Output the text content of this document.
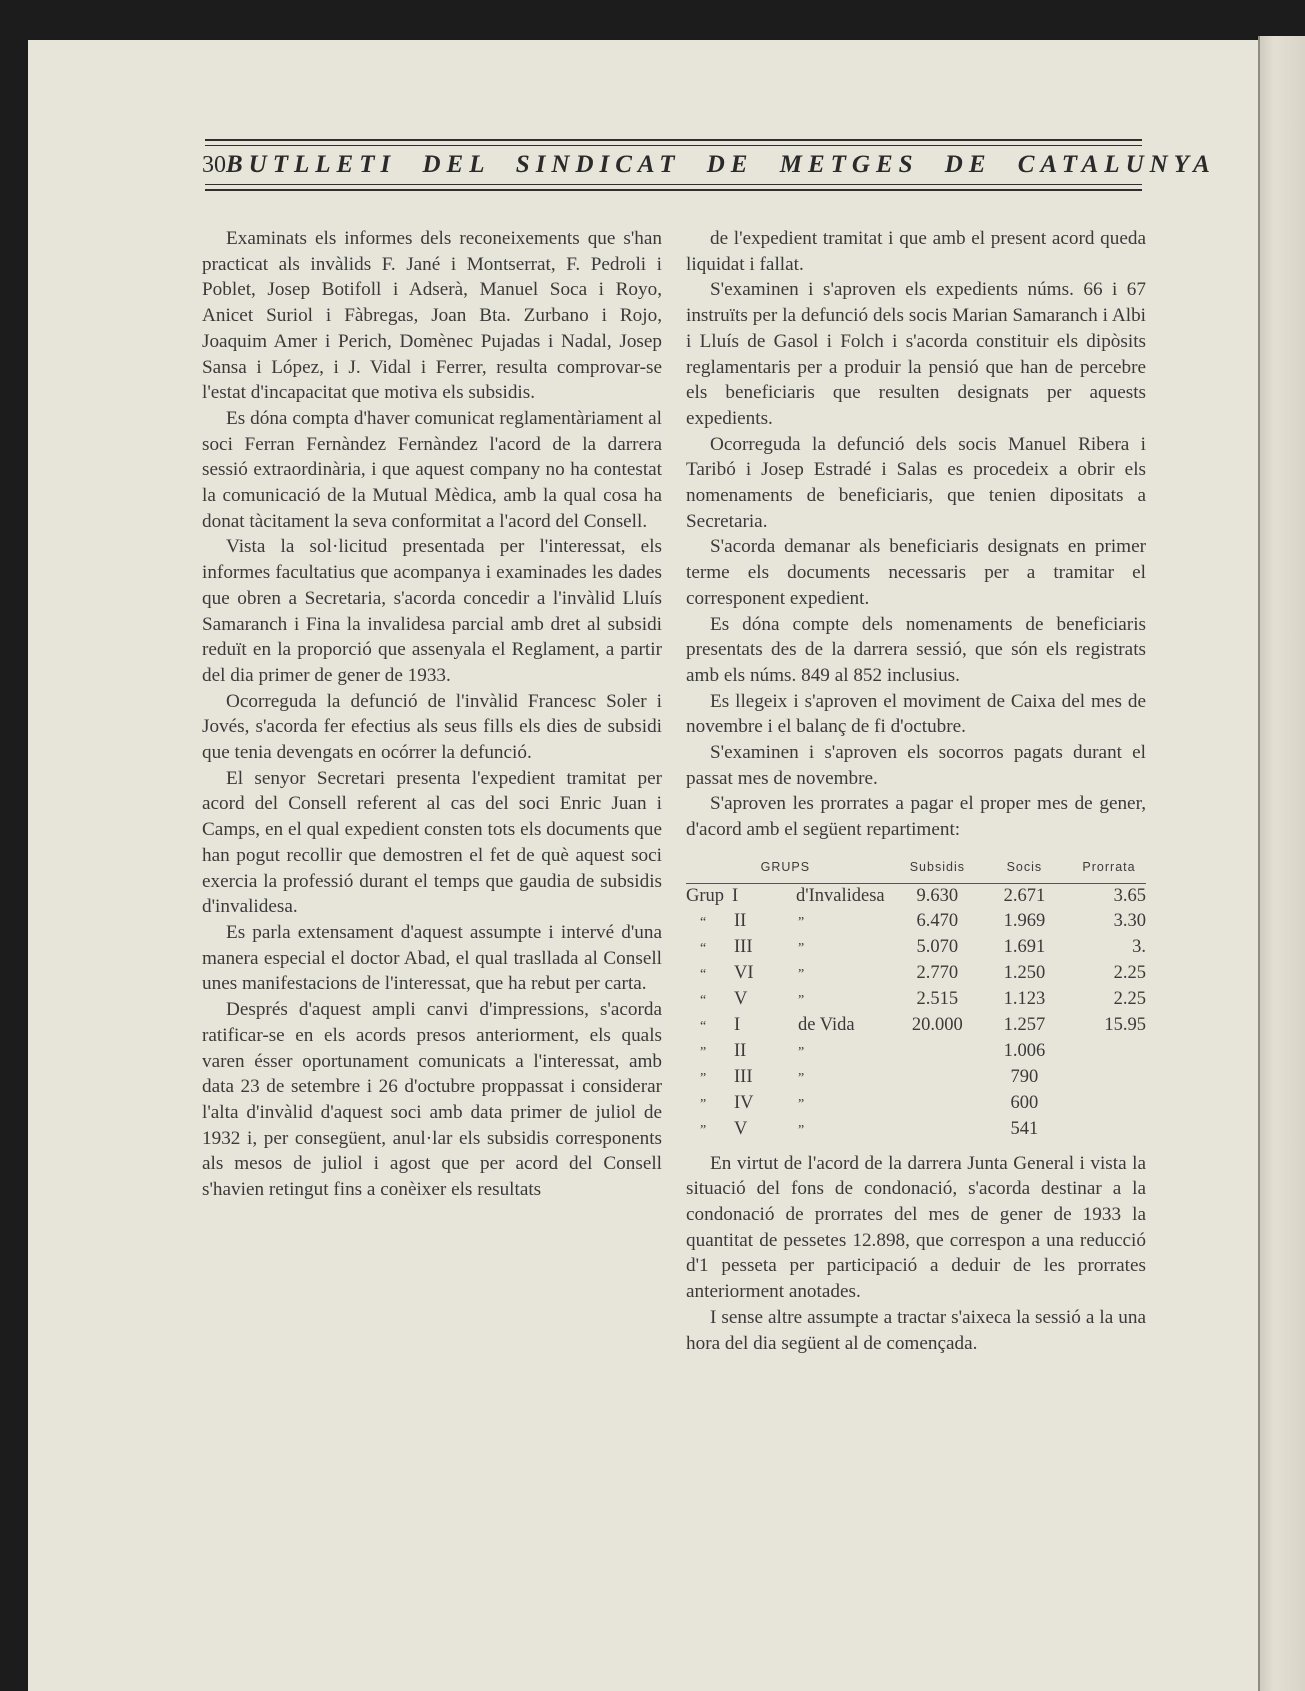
30 BUTLLETI DEL SINDICAT DE METGES DE CATALUNYA

Examinats els informes dels reconeixements que s'han practicat als invàlids F. Jané i Montserrat, F. Pedroli i Poblet, Josep Botifoll i Adserà, Manuel Soca i Royo, Anicet Suriol i Fàbregas, Joan Bta. Zurbano i Rojo, Joaquim Amer i Perich, Domènec Pujadas i Nadal, Josep Sansa i López, i J. Vidal i Ferrer, resulta comprovar-se l'estat d'incapacitat que motiva els subsidis.

Es dóna compta d'haver comunicat reglamentàriament al soci Ferran Fernàndez Fernàndez l'acord de la darrera sessió extraordinària, i que aquest company no ha contestat la comunicació de la Mutual Mèdica, amb la qual cosa ha donat tàcitament la seva conformitat a l'acord del Consell.

Vista la sol·licitud presentada per l'interessat, els informes facultatius que acompanya i examinades les dades que obren a Secretaria, s'acorda concedir a l'invàlid Lluís Samaranch i Fina la invalidesa parcial amb dret al subsidi reduït en la proporció que assenyala el Reglament, a partir del dia primer de gener de 1933.

Ocorreguda la defunció de l'invàlid Francesc Soler i Jovés, s'acorda fer efectius als seus fills els dies de subsidi que tenia devengats en ocórrer la defunció.

El senyor Secretari presenta l'expedient tramitat per acord del Consell referent al cas del soci Enric Juan i Camps, en el qual expedient consten tots els documents que han pogut recollir que demostren el fet de què aquest soci exercia la professió durant el temps que gaudia de subsidis d'invalidesa.

Es parla extensament d'aquest assumpte i intervé d'una manera especial el doctor Abad, el qual trasllada al Consell unes manifestacions de l'interessat, que ha rebut per carta.

Després d'aquest ampli canvi d'impressions, s'acorda ratificar-se en els acords presos anteriorment, els quals varen ésser oportunament comunicats a l'interessat, amb data 23 de setembre i 26 d'octubre proppassat i considerar l'alta d'invàlid d'aquest soci amb data primer de juliol de 1932 i, per consegüent, anul·lar els subsidis corresponents als mesos de juliol i agost que per acord del Consell s'havien retingut fins a conèixer els resultats

de l'expedient tramitat i que amb el present acord queda liquidat i fallat.

S'examinen i s'aproven els expedients núms. 66 i 67 instruïts per la defunció dels socis Marian Samaranch i Albi i Lluís de Gasol i Folch i s'acorda constituir els dipòsits reglamentaris per a produir la pensió que han de percebre els beneficiaris que resulten designats per aquests expedients.

Ocorreguda la defunció dels socis Manuel Ribera i Taribó i Josep Estradé i Salas es procedeix a obrir els nomenaments de beneficiaris, que tenien dipositats a Secretaria.

S'acorda demanar als beneficiaris designats en primer terme els documents necessaris per a tramitar el corresponent expedient.

Es dóna compte dels nomenaments de beneficiaris presentats des de la darrera sessió, que són els registrats amb els núms. 849 al 852 inclusius.

Es llegeix i s'aproven el moviment de Caixa del mes de novembre i el balanç de fi d'octubre.

S'examinen i s'aproven els socorros pagats durant el passat mes de novembre.

S'aproven les prorrates a pagar el proper mes de gener, d'acord amb el següent repartiment:

GRUPS		Subsidis		Socis		Prorrata
Grup I d'Invalidesa		9.630		2.671		3.65
“ II ”		6.470		1.969		3.30
“ III ”		5.070		1.691		3.
“ VI ”		2.770		1.250		2.25
“ V ”		2.515		1.123		2.25
“ I de Vida		20.000		1.257		15.95
” II ”				1.006		
” III ”				790		
” IV ”				600		
” V ”				541		

En virtut de l'acord de la darrera Junta General i vista la situació del fons de condonació, s'acorda destinar a la condonació de prorrates del mes de gener de 1933 la quantitat de pessetes 12.898, que correspon a una reducció d'1 pesseta per participació a deduir de les prorrates anteriorment anotades.

I sense altre assumpte a tractar s'aixeca la sessió a la una hora del dia següent al de començada.
